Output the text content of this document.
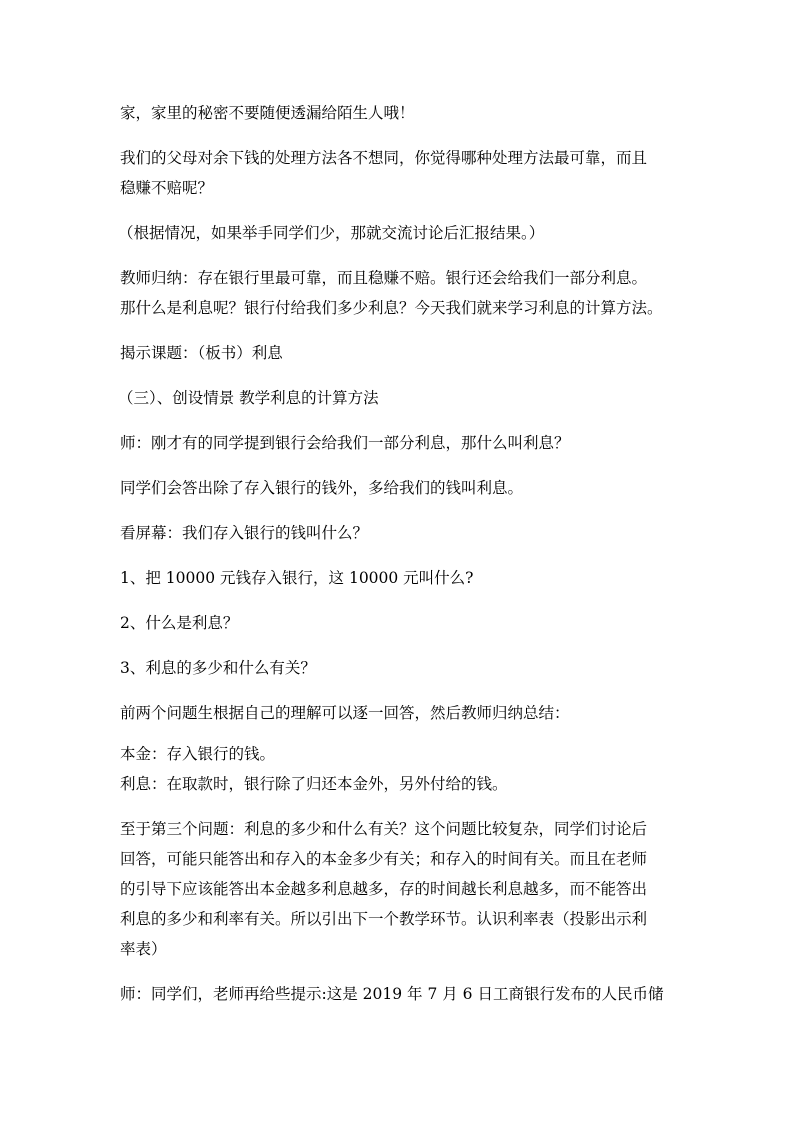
家，家里的秘密不要随便透漏给陌生人哦！
我们的父母对余下钱的处理方法各不想同，你觉得哪种处理方法最可靠，而且
稳赚不赔呢？
（根据情况，如果举手同学们少，那就交流讨论后汇报结果。）
教师归纳：存在银行里最可靠，而且稳赚不赔。银行还会给我们一部分利息。
那什么是利息呢？银行付给我们多少利息？今天我们就来学习利息的计算方法。
揭示课题：（板书）利息
（三）、创设情景 教学利息的计算方法
师：刚才有的同学提到银行会给我们一部分利息，那什么叫利息？
同学们会答出除了存入银行的钱外，多给我们的钱叫利息。
看屏幕：我们存入银行的钱叫什么？
1、把 10000 元钱存入银行，这 10000 元叫什么?
2、什么是利息？
3、利息的多少和什么有关？
前两个问题生根据自己的理解可以逐一回答，然后教师归纳总结：
本金：存入银行的钱。
利息：在取款时，银行除了归还本金外，另外付给的钱。
至于第三个问题：利息的多少和什么有关？这个问题比较复杂，同学们讨论后
回答，可能只能答出和存入的本金多少有关；和存入的时间有关。而且在老师
的引导下应该能答出本金越多利息越多，存的时间越长利息越多，而不能答出
利息的多少和利率有关。所以引出下一个教学环节。认识利率表（投影出示利
率表）
师：同学们，老师再给些提示:这是 2019 年 7 月 6 日工商银行发布的人民币储
